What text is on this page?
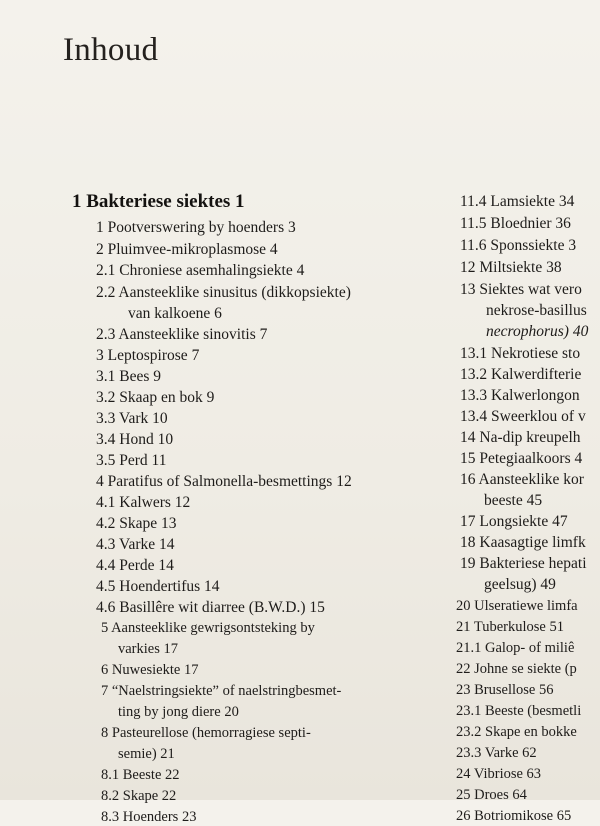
Inhoud
1 Bakteriese siektes 1
1 Pootverswering by hoenders 3
2 Pluimvee-mikroplasmose 4
2.1 Chroniese asemhalingsiekte 4
2.2 Aansteeklike sinusitus (dikkopsiekte)
van kalkoene 6
2.3 Aansteeklike sinovitis 7
3 Leptospirose 7
3.1 Bees 9
3.2 Skaap en bok 9
3.3 Vark 10
3.4 Hond 10
3.5 Perd 11
4 Paratifus of Salmonella-besmettings 12
4.1 Kalwers 12
4.2 Skape 13
4.3 Varke 14
4.4 Perde 14
4.5 Hoendertifus 14
4.6 Basillêre wit diarree (B.W.D.) 15
5 Aansteeklike gewrigsontsteking by
varkies 17
6 Nuwesiekte 17
7 “Naelstringsiekte” of naelstringbesmet-
ting by jong diere 20
8 Pasteurellose (hemorragiese septi-
semie) 21
8.1 Beeste 22
8.2 Skape 22
8.3 Hoenders 23
11.4 Lamsiekte 34
11.5 Bloednier 36
11.6 Sponssiekte 3
12 Miltsiekte 38
13 Siektes wat vero
nekrose-basillus
necrophorus) 40
13.1 Nekrotiese sto
13.2 Kalwerdifterie
13.3 Kalwerlongon
13.4 Sweerklou of v
14 Na-dip kreupelh
15 Petegiaalkoors 4
16 Aansteeklike kor
beeste 45
17 Longsiekte 47
18 Kaasagtige limfk
19 Bakteriese hepati
geelsug) 49
20 Ulseratiewe limfa
21 Tuberkulose 51
21.1 Galop- of miliê
22 Johne se siekte (p
23 Brusellose 56
23.1 Beeste (besmetli
23.2 Skape en bokke
23.3 Varke 62
24 Vibriose 63
25 Droes 64
26 Botriomikose 65
